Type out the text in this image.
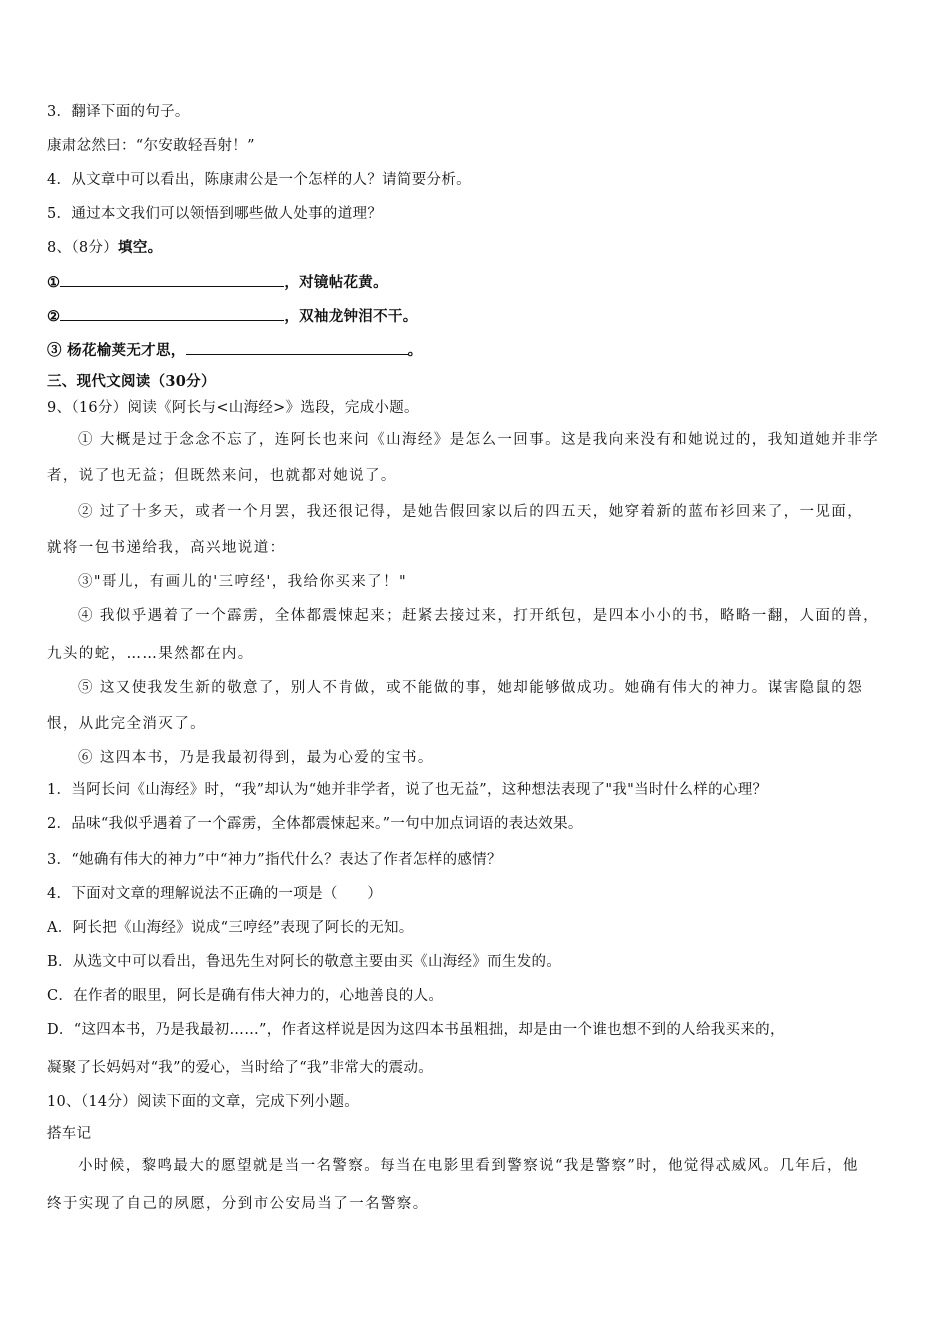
3．翻译下面的句子。
康肃忿然曰：“尔安敢轻吾射！”
4．从文章中可以看出，陈康肃公是一个怎样的人？请简要分析。
5．通过本文我们可以领悟到哪些做人处事的道理？
8、（8分）填空。
①	，对镜帖花黄。
②	，双袖龙钟泪不干。
③ 杨花榆荚无才思，	。
三、现代文阅读（30分）
9、（16分）阅读《阿长与<山海经>》选段，完成小题。
① 大概是过于念念不忘了，连阿长也来问《山海经》是怎么一回事。这是我向来没有和她说过的，我知道她并非学
者，说了也无益；但既然来问，也就都对她说了。
② 过了十多天，或者一个月罢，我还很记得，是她告假回家以后的四五天，她穿着新的蓝布衫回来了，一见面，
就将一包书递给我，高兴地说道：
③"哥儿，有画儿的'三哼经'，我给你买来了！"
④ 我似乎遇着了一个霹雳，全体都震悚起来；赶紧去接过来，打开纸包，是四本小小的书，略略一翻，人面的兽，
九头的蛇，……果然都在内。
⑤ 这又使我发生新的敬意了，别人不肯做，或不能做的事，她却能够做成功。她确有伟大的神力。谋害隐鼠的怨
恨，从此完全消灭了。
⑥ 这四本书，乃是我最初得到，最为心爱的宝书。
1．当阿长问《山海经》时，“我”却认为“她并非学者，说了也无益”，这种想法表现了"我"当时什么样的心理？
2．品味“我似乎遇着了一个霹雳，全体都震悚起来。”一句中加点词语的表达效果。
3．“她确有伟大的神力”中“神力”指代什么？表达了作者怎样的感情？
4．下面对文章的理解说法不正确的一项是（　　）
A．阿长把《山海经》说成“三哼经”表现了阿长的无知。
B．从选文中可以看出，鲁迅先生对阿长的敬意主要由买《山海经》而生发的。
C．在作者的眼里，阿长是确有伟大神力的，心地善良的人。
D．“这四本书，乃是我最初……”，作者这样说是因为这四本书虽粗拙，却是由一个谁也想不到的人给我买来的，
凝聚了长妈妈对“我”的爱心，当时给了“我”非常大的震动。
10、（14分）阅读下面的文章，完成下列小题。
搭车记
小时候，黎鸣最大的愿望就是当一名警察。每当在电影里看到警察说“我是警察”时，他觉得忒威风。几年后，他
终于实现了自己的夙愿，分到市公安局当了一名警察。
